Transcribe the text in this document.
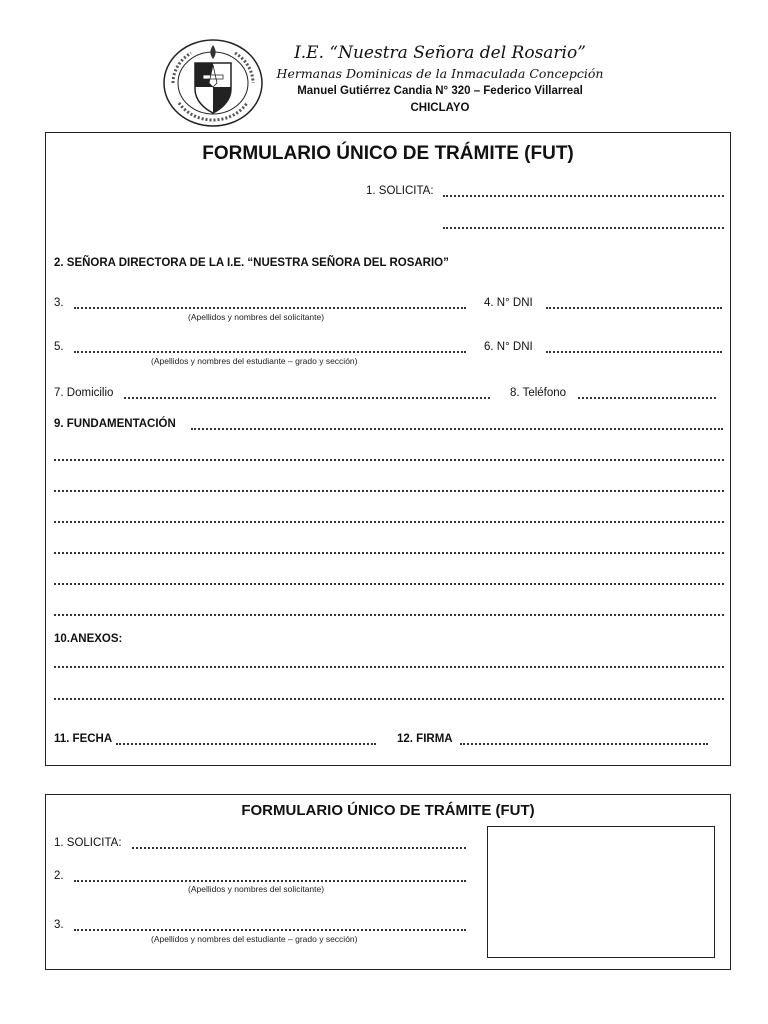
I.E. “Nuestra Señora del Rosario”
Hermanas Dominicas de la Inmaculada Concepción
Manuel Gutiérrez Candia N° 320 – Federico Villarreal
CHICLAYO
FORMULARIO ÚNICO DE TRÁMITE (FUT)
1. SOLICITA:
2. SEÑORA DIRECTORA DE LA I.E. “NUESTRA SEÑORA DEL ROSARIO”
3.
(Apellidos y nombres del solicitante)
4. N° DNI
5.
(Apellidos y nombres del estudiante – grado y sección)
6. N° DNI
7. Domicilio	8. Teléfono
9. FUNDAMENTACIÓN
10.ANEXOS:
11. FECHA	12. FIRMA
FORMULARIO ÚNICO DE TRÁMITE (FUT)
1. SOLICITA:
2.
(Apellidos y nombres del solicitante)
3.
(Apellidos y nombres del estudiante – grado y sección)
